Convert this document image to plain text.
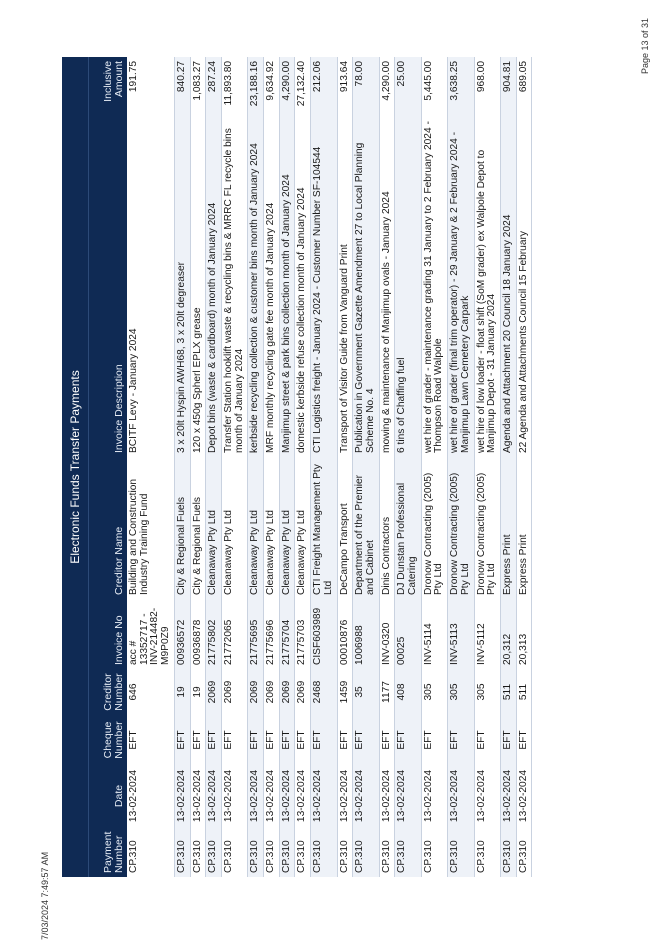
7/03/2024 7:49:57 AM
Page 13 of 31
Electronic Funds Transfer Payments							
Payment Number	Date	Cheque Number	Creditor Number	Invoice No	Creditor Name	Invoice Description	Inclusive Amount
CP.310	13-02-2024	EFT	646	acc # 13352717 - INV-214482-M9P0Z9	Building and Construction Industry Training Fund	BCITF Levy - January 2024	191.75
CP.310	13-02-2024	EFT	19	00936572	City & Regional Fuels	3 x 20lt Hyspin AWH68, 3 x 20lt degreaser	840.27
CP.310	13-02-2024	EFT	19	00936878	City & Regional Fuels	120 x 450g Spherl EPLX grease	1,083.27
CP.310	13-02-2024	EFT	2069	21775802	Cleanaway Pty Ltd	Depot bins (waste & cardboard) month of January 2024	287.24
CP.310	13-02-2024	EFT	2069	21772065	Cleanaway Pty Ltd	Transfer Station hooklift waste & recycling bins & MRRC FL recycle bins month of January 2024	11,893.80
CP.310	13-02-2024	EFT	2069	21775695	Cleanaway Pty Ltd	kerbside recycling collection & customer bins month of January 2024	23,188.16
CP.310	13-02-2024	EFT	2069	21775696	Cleanaway Pty Ltd	MRF monthly recycling gate fee month of January 2024	9,634.92
CP.310	13-02-2024	EFT	2069	21775704	Cleanaway Pty Ltd	Manjimup street & park bins collection month of January 2024	4,290.00
CP.310	13-02-2024	EFT	2069	21775703	Cleanaway Pty Ltd	domestic kerbside refuse collection month of January 2024	27,132.40
CP.310	13-02-2024	EFT	2468	CISF603989	CTI Freight Management Pty Ltd	CTI Logistics freight - January 2024 - Customer Number SF-104544	212.06
CP.310	13-02-2024	EFT	1459	00010876	DeCampo Transport	Transport of Visitor Guide from Vanguard Print	913.64
CP.310	13-02-2024	EFT	35	1006988	Department of the Premier and Cabinet	Publication in Government Gazette Amendment 27 to Local Planning Scheme No. 4	78.00
CP.310	13-02-2024	EFT	1177	INV-0320	Dinis Contractors	mowing & maintenance of Manjimup ovals - January 2024	4,290.00
CP.310	13-02-2024	EFT	408	00025	DJ Dunstan Professional Catering	6 tins of Chaffing fuel	25.00
CP.310	13-02-2024	EFT	305	INV-5114	Dronow Contracting (2005) Pty Ltd	wet hire of grader - maintenance grading 31 January to 2 February 2024 - Thompson Road Walpole	5,445.00
CP.310	13-02-2024	EFT	305	INV-5113	Dronow Contracting (2005) Pty Ltd	wet hire of grader (final trim operator) - 29 January & 2 February 2024 - Manjimup Lawn Cemetery Carpark	3,638.25
CP.310	13-02-2024	EFT	305	INV-5112	Dronow Contracting (2005) Pty Ltd	wet hire of low loader - float shift (SoM grader) ex Walpole Depot to Manjimup Depot - 31 January 2024	968.00
CP.310	13-02-2024	EFT	511	20,312	Express Print	Agenda and Attachment 20 Council 18 January 2024	904.81
CP.310	13-02-2024	EFT	511	20,313	Express Print	22 Agenda and Attachments Council 15 February	689.05
